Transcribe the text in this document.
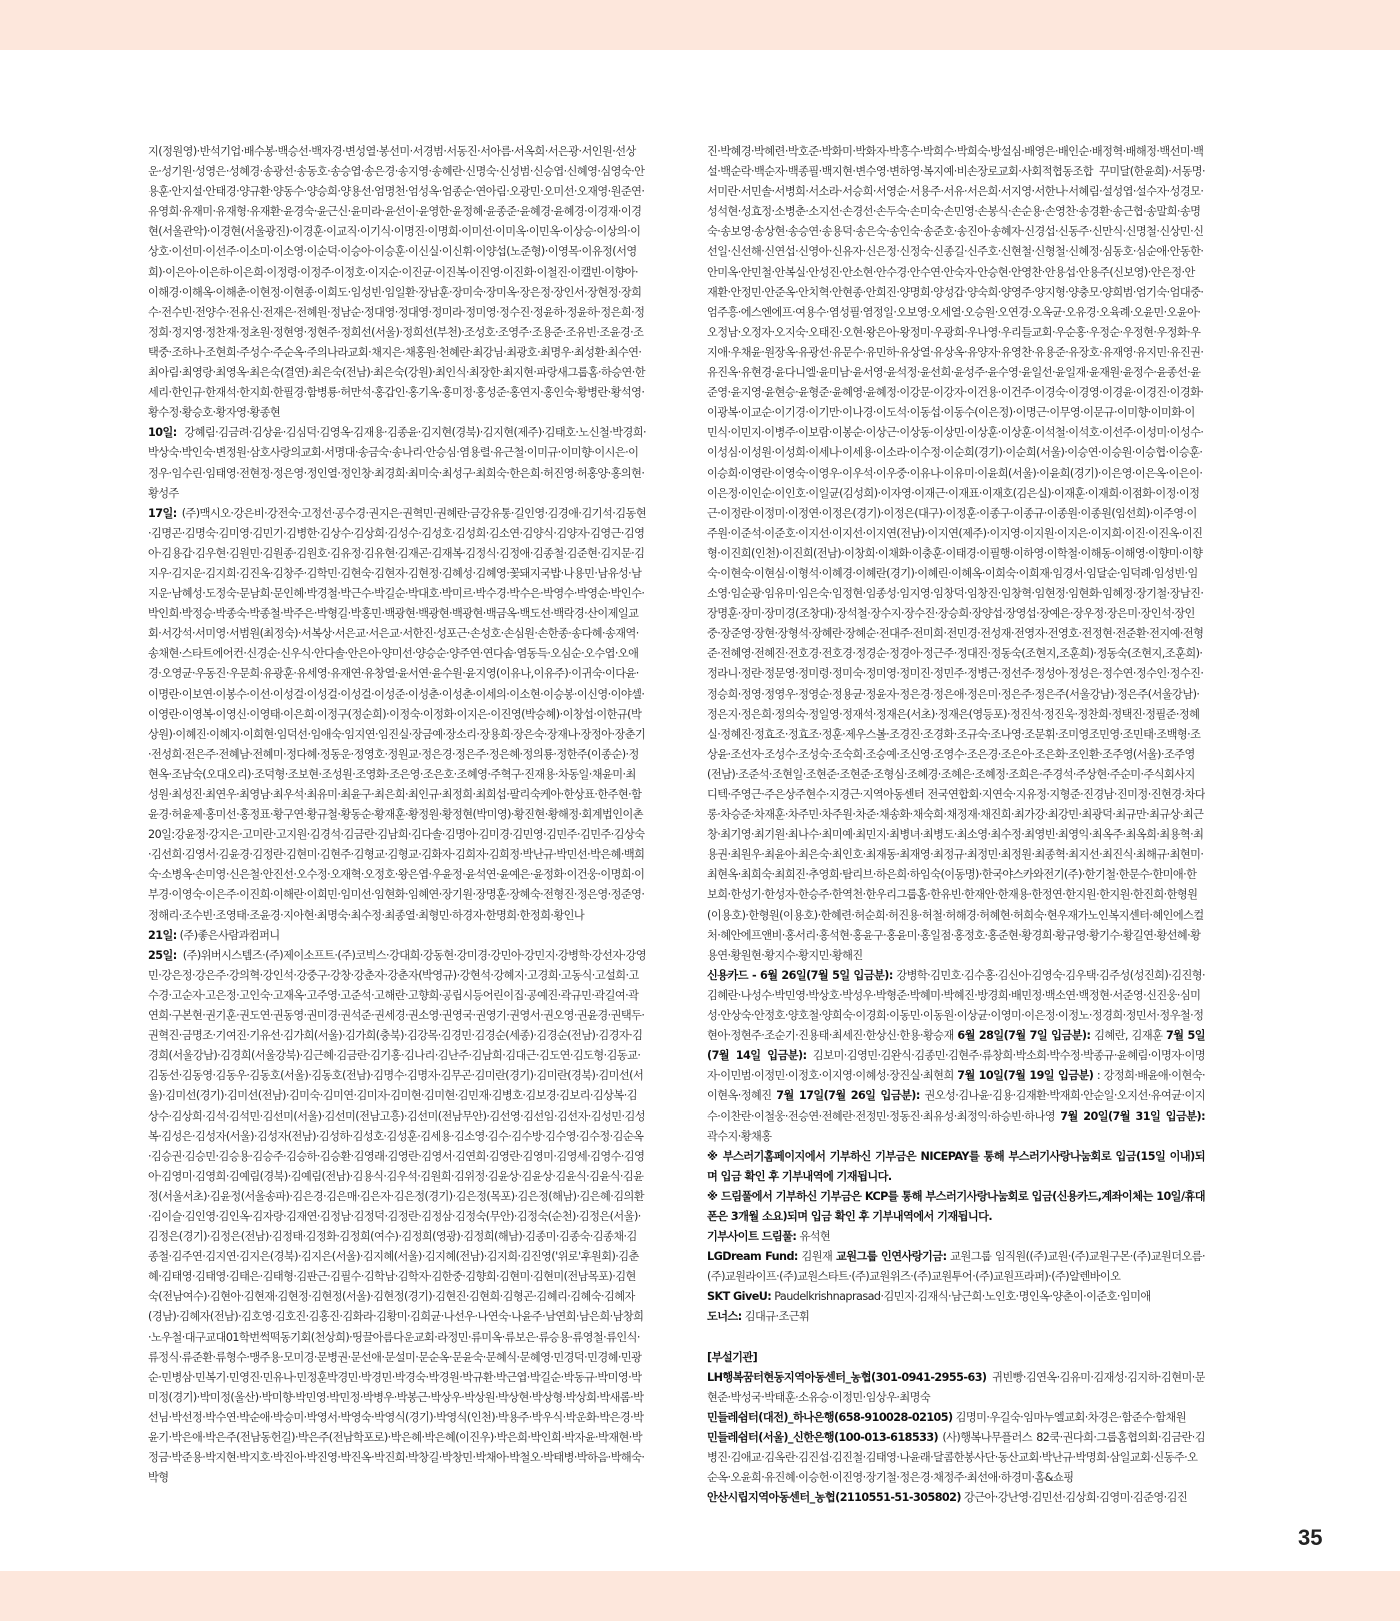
지(정원영)·반석기업·배수봉·백승선·백자경·변성열·봉선미·서경범·서동진·서아름·서옥희·서은광·서인원·선상운·성기원·성영은·성혜경·송광선·송동호·송승엽·송은경·송지영·송혜란·신명숙·신성범·신승엽·신혜영·심영숙·안용훈·안지설·안태경·양규환·양동수·양승희·양용선·엄명천·엄성옥·엄종순·연아림·오광민·오미선·오재영·원준연·유영희·유재미·유재형·유재환·윤경숙·윤근신·윤미라·윤선이·윤영한·윤정혜·윤종준·윤혜경·윤혜경·이경재·이경현(서울관악)·이경현(서울광진)·이경훈·이교직·이기식·이명진·이명희·이미선·이미옥·이민옥·이상승·이상의·이상호·이선미·이선주·이소미·이소영·이순덕·이승아·이승훈·이신실·이신휘·이양섭(노준형)·이영목·이유정(서영희)·이은아·이은하·이은희·이정령·이정주·이정호·이지순·이진균·이진복·이진영·이진화·이철진·이캘빈·이향아·이해경·이해옥·이해춘·이현정·이현종·이희도·임성빈·임일환·장남훈·장미숙·장미옥·장은정·장인서·장현정·장희수·전수빈·전양수·전유신·전재은·전혜원·정남순·정대영·정대영·정미라·정미영·정수진·정윤하·정윤하·정은희·정정희·정지영·정찬재·정초원·정현영·정현주·정희선(서울)·정희선(부천)·조성호·조영주·조용준·조유빈·조윤경·조택중·조하나·조현희·주성수·주순옥·주의나라교회·채지은·채홍원·천혜란·최강님·최광호·최명우·최성환·최수연·최아림·최영랑·최영옥·최은숙(결연)·최은숙(전남)·최은숙(강원)·최인식·최장한·최지현·파랑새그룹홈·하승연·한세리·한인규·한재석·한지희·한필경·함병룡·허만석·홍갑인·홍기옥·홍미정·홍성준·홍연지·홍인숙·황병란·황석영·황수정·황승호·황자영·황종현

10일: 강혜림·김금려·김상윤·김심덕·김영옥·김재용·김종윤·김지현(경북)·김지현(제주)·김태호·노신철·박경희·박상숙·박인숙·변정원·삼호사랑의교회·서명대·송금숙·송나리·안승심·염용렬·유근철·이미규·이미향·이시은·이정우·임수린·임태영·전현정·정은영·정인열·정인창·최경희·최미숙·최성구·최희숙·한은희·허진영·허홍양·홍의현·황성주

17일: (주)맥시오·강은비·강전숙·고정선·공수경·권지은·권혁민·권혜란·금강유통·길인영·김경애·김기석·김동현·김명곤·김명숙·김미영·김민기·김병한·김상수·김상희·김성수·김성호·김성희·김소연·김양식·김양자·김영근·김영아·김용갑·김우현·김원민·김원종·김원호·김유정·김유현·김재곤·김재복·김정식·김정애·김종철·김준현·김지문·김지우·김지운·김지희·김진옥·김창주·김학민·김현숙·김현자·김현정·김혜성·김혜영·꽃돼지국밥·나용민·남유성·남지운·남혜성·도정숙·문남희·문인혜·박경철·박근수·박길순·박대호·박미르·박수경·박수은·박영수·박영순·박인수·박인희·박정승·박종숙·박종철·박주은·박형길·박홍민·백광현·백광현·백광현·백금옥·백도선·백락경·산이제일교회·서강석·서미영·서범원(최정숙)·서복상·서은교·서은교·서한진·성포근·손성호·손심원·손한종·송다혜·송재역·송채현·스타트에어컨·신경순·신우식·안다솔·안은아·양미선·양승순·양주연·연다솜·염동득·오심순·오수엽·오애경·오영균·우동진·우문희·유광훈·유세영·유재연·유창열·윤서연·윤수원·윤지영(이유나,이유주)·이귀숙·이다윤·이명란·이보연·이봉수·이선·이성걸·이성걸·이성걸·이성준·이성춘·이성춘·이세의·이소현·이승봉·이신영·이야셀·이영란·이영복·이영신·이영태·이은희·이정구(정순희)·이정숙·이정화·이지은·이진영(박승혜)·이창섭·이한규(박상원)·이혜진·이혜지·이희현·임덕선·임애숙·임지연·임진실·장금예·장소리·장용희·장은숙·장재나·장정아·장춘기·전성희·전은주·전혜남·전혜미·정다혜·정동운·정영호·정원교·정은경·정은주·정은혜·정의룡·정한주(이종순)·정현옥·조남숙(오대오리)·조덕형·조보현·조성원·조영화·조은영·조은호·조혜영·주혁구·진재용·차동일·채윤미·최성원·최성진·최연우·최영남·최우석·최유미·최윤구·최은희·최인규·최정희·최희섭·팔리숙케아·한상표·한주현·함윤경·허윤제·홍미선·홍정표·황구연·황규철·황동순·황재훈·황정원·황정현(박미영)·황진현·황해정·회계법인이촌

20일:강윤정·강지은·고미란·고지원·김경석·김금란·김남희·김다솔·김명아·김미경·김민영·김민주·김민주·김상숙·김선희·김영서·김윤경·김정란·김현미·김현주·김형교·김형교·김화자·김희자·김희정·박난규·박민선·박은혜·백희숙·소병옥·손미영·신은철·안진선·오수정·오재혁·오정호·왕은엽·우윤정·윤석연·윤예은·윤정화·이건웅·이명희·이부경·이영숙·이은주·이진희·이해란·이희민·임미선·임현화·임혜연·장기원·장명훈·장혜숙·전형진·정은영·정준영·정해리·조수빈·조영태·조윤경·지아현·최명숙·최수정·최종열·최형민·하경자·한명희·한정희·황인나

21일: (주)좋은사람과컴퍼니

25일: (주)위버시스템즈·(주)제이소프트·(주)코빅스·강대희·강동현·강미경·강민아·강민지·강병학·강선자·강영민·강은정·강은주·강의혁·강인석·강중구·강창·강춘자·강춘자(박영규)·강현석·강혜지·고경희·고동식·고설희·고수경·고순자·고은정·고인숙·고재옥·고주영·고준석·고해란·고향희·공립시등어린이집·공예진·곽규민·곽길여·곽연희·구본현·권기훈·권도연·권동영·권미경·권석준·권세경·권소영·권영국·권영기·권영서·권오영·권윤경·권택두·권혁진·금명조·기여진·기유선·김가희(서울)·김가희(충북)·김강목·김경민·김경순(세종)·김경순(전남)·김경자·김경희(서울강남)·김경희(서울강북)·김근혜·김금란·김기홍·김나리·김난주·김남희·김대근·김도연·김도형·김동교·김동선·김동영·김동우·김동호(서울)·김동호(전남)·김명수·김명자·김무곤·김미란(경기)·김미란(경북)·김미선(서울)·김미선(경기)·김미선(전남)·김미숙·김미연·김미자·김미현·김미현·김민재·김병호·김보경·김보리·김상복·김상수·김상희·김석·김석민·김선미(서울)·김선미(전남고흥)·김선미(전남무안)·김선영·김선임·김선자·김성민·김성복·김성은·김성자(서울)·김성자(전남)·김성하·김성호·김성훈·김세용·김소영·김수·김수방·김수영·김수정·김순옥·김승권·김승민·김승용·김승주·김승하·김승환·김영래·김영란·김영서·김연희·김영란·김영미·김영세·김영수·김영아·김영미·김영희·김예림(경북)·김예림(전남)·김용식·김우석·김원희·김위정·김윤상·김윤상·김윤식·김윤식·김윤정(서울서초)·김윤정(서울송파)·김은경·김은매·김은자·김은정(경기)·김은정(목포)·김은정(해남)·김은혜·김의환·김이슬·김인영·김인옥·김자랑·김재연·김정남·김정덕·김정란·김정삼·김정숙(무안)·김정숙(순천)·김정은(서울)·김정은(경기)·김정은(전남)·김정태·김정화·김정희(여수)·김정희(영광)·김정희(해남)·김종미·김종숙·김종채·김종철·김주연·김지연·김지은(경북)·김지은(서울)·김지혜(서울)·김지혜(전남)·김지희·김진영('위로'후원회)·김춘혜·김태영·김태영·김태은·김태형·김판근·김필수·김학남·김학자·김한중·김향희·김현미·김현미(전남목포)·김현숙(전남여수)·김현아·김현재·김현정·김현정(서울)·김현정(경기)·김현진·김현희·김형곤·김혜리·김혜숙·김혜자(경남)·김혜자(전남)·김호영·김호진·김홍진·김화라·김황미·김희균·나선우·나연숙·나윤주·남연희·남은희·남창희·노우철·대구교대01학번썩떡동기회(천상희)·띵끌아름다운교회·라정민·류미옥·류보은·류승용·류영철·류인식·류정식·류준환·류형수·맹주용·모미경·문병권·문선애·문설미·문순옥·문윤숙·문혜식·문혜영·민경덕·민경혜·민광순·민병삼·민복기·민영진·민유나·민정훈박경민·박경민·박경숙·박경원·박규환·박근엽·박길순·박동규·박미영·박미정(경기)·박미정(울산)·박미향·박민영·박민정·박병우·박봉근·박상우·박상원·박상현·박상형·박상희·박새롬·박선님·박선정·박수연·박순애·박승미·박영서·박영숙·박영식(경기)·박영식(인천)·박용주·박우식·박운화·박은경·박윤기·박은애·박은주(전남동헌길)·박은주(전남학포로)·박은혜·박은혜(이진우)·박은희·박인희·박자윤·박재현·박정금·박준용·박지현·박지호·박진아·박진영·박진옥·박진희·박창길·박창민·박채아·박철오·박태병·박하음·박해숙·박형

진·박혜경·박혜련·박호준·박화미·박화자·박흥수·박희수·박희숙·방설심·배영은·배인순·배정혁·배해정·백선미·백설·백순락·백순자·백종필·백지현·변수영·변하영·복지예·비손장로교회·사회적협동조합 꾸미달(한윤희)·서동명·서미란·서민솔·서병희·서소라·서승희·서영순·서용주·서유·서은희·서지영·서한나·서혜림·설성엽·설수자·성경모·성석현·성효정·소병춘·소지선·손경선·손두숙·손미숙·손민영·손봉식·손순용·손영찬·송경환·송근협·송말희·송명숙·송보영·송상현·송승연·송용덕·송은숙·송인숙·송준호·송진아·송혜자·신경섭·신동주·신만식·신명철·신상민·신선일·신선해·신연섭·신영아·신유자·신은정·신정숙·신종길·신주호·신현철·신형철·신혜정·심동호·심순애·안동한·안미옥·안민철·안복실·안성진·안소현·안수경·안수연·안숙자·안승현·안영찬·안용섭·안용주(신보영)·안은정·안재환·안정민·안준옥·안치혁·안현종·안희진·양명희·양성갑·양숙희·양영주·양지형·양충모·양희범·엄기숙·엄대중·엄주흥·에스엔에프·여용수·염성필·염정일·오보영·오세열·오승원·오연경·오옥균·오유경·오육례·오윤민·오윤아·오정남·오정자·오지숙·오태진·오현·왕은아·왕정미·우광희·우나영·우리들교회·우순홍·우정순·우정현·우정화·우지애·우채윤·원장옥·유광선·유문수·유민하·유상열·유상옥·유양자·유영찬·유용준·유장호·유재영·유지민·유진권·유진옥·유현경·윤다니엘·윤미남·윤서영·윤석정·윤선희·윤성주·윤수영·윤일선·윤일재·윤재원·윤정수·윤종선·윤준영·윤지영·윤현승·윤형준·윤혜영·윤혜정·이강문·이강자·이건용·이건주·이경숙·이경영·이경윤·이경진·이경화·이광복·이교순·이기경·이기만·이나경·이도석·이동섭·이동수(이은정)·이명근·이무영·이문규·이미향·이미화·이민식·이민지·이병주·이보람·이봉순·이상근·이상동·이상민·이상훈·이상훈·이석철·이석호·이선주·이성미·이성수·이성심·이성원·이성희·이세나·이세용·이소라·이수정·이순희(경기)·이순희(서울)·이승연·이승원·이승협·이승훈·이승희·이영란·이영숙·이영우·이우석·이우중·이유나·이유미·이윤희(서울)·이윤희(경기)·이은영·이은옥·이은이·이은정·이인순·이인호·이일균(김성희)·이자영·이재근·이재표·이재호(김은실)·이재훈·이재희·이점화·이정·이정근·이정란·이정미·이정연·이정은(경기)·이정은(대구)·이정훈·이종구·이종규·이종원·이종원(임선희)·이주영·이주원·이준석·이준호·이지선·이지선·이지연(전남)·이지연(제주)·이지영·이지원·이지은·이지희·이진·이진옥·이진형·이진희(인천)·이진희(전남)·이창희·이채화·이충훈·이태경·이필행·이하영·이학철·이해동·이해영·이향미·이향숙·이현숙·이현심·이형석·이혜경·이혜란(경기)·이혜린·이혜옥·이희숙·이희재·임경서·임달순·임덕례·임성빈·임소영·임순광·임유미·임은숙·임정현·임종성·임지영·임창덕·임창진·임창혁·임현정·임현화·임혜정·장기철·장남진·장명훈·장미·장미경(조창대)·장석철·장수지·장수진·장승희·장양섭·장영섭·장예은·장우정·장은미·장인석·장인중·장준영·장현·장형석·장혜란·장혜순·전대주·전미희·전민경·전성재·전영자·전영호·전정현·전준환·전지예·전형준·전혜영·전혜진·전호경·전호경·정경순·정경아·정근주·정대진·정동숙(조현지,조훈희)·정동숙(조현지,조훈희)·정라니·정란·정문영·정미령·정미숙·정미영·정미진·정민주·정병근·정선주·정성아·정성은·정수연·정수인·정수진·정승희·정영·정영우·정영순·정용균·정윤자·정은경·정은애·정은미·정은주·정은주(서울강남)·정은주(서울강남)·정은지·정은희·정의숙·정일영·정재석·정재은(서초)·정재은(영등포)·정진석·정진욱·정찬희·정택진·정필준·정혜실·정혜진·정효조·정효조·정훈·제우스볼·조경진·조경화·조규숙·조나영·조문휘·조미영조민영·조민태·조백형·조상윤·조선자·조성수·조성숙·조숙희·조승예·조신영·조영수·조은경·조은아·조은화·조인환·조주영(서울)·조주영(전남)·조준석·조현일·조현준·조현준·조형심·조혜경·조혜은·조혜정·조희은·주경석·주상현·주순미·주식회사지디텍·주영근·주은상주현수·지경근·지역아동센터 전국연합회·지연숙·지유정·지형준·진경남·진미정·진현경·차다롱·차승준·차재훈·차주민·차주원·차준·채송화·채숙희·채정재·채진희·최가강·최강민·최광덕·최규만·최규상·최근창·최기영·최기원·최나수·최미예·최민지·최병녀·최병도·최소영·최수정·최영빈·최영익·최옥주·최옥희·최용혁·최용권·최원우·최윤아·최은숙·최인호·최재동·최재영·최정규·최정민·최정원·최종혁·최지선·최진식·최해규·최현미·최현옥·최희숙·최희진·추영희·탐리브·하은희·하임숙(이동명)·한국야스카와전기(주)·한기철·한문수·한미애·한보희·한성기·한성자·한승주·한역천·한우리그룹홈·한유빈·한재안·한재용·한정연·한지원·한지원·한진희·한형원(이용호)·한형원(이용호)·한혜련·허순희·허진용·허철·허해경·허혜현·허희숙·현우재가노인복지센터·혜인에스컬처·혜안에프앤비·홍서리·홍석현·홍윤구·홍윤미·홍일점·홍정호·홍준현·황경희·황규영·황기수·황길연·황선혜·황용연·황원현·황지수·황지민·황해진

신용카드 - 6월 26일(7월 5일 입금분): 강병학·김민호·김수홍·김신아·김영숙·김우택·김주성(성진희)·김진형·김혜란·나성수·박민영·박상호·박성우·박형준·박혜미·박혜진·방경희·배민정·백소연·백정현·서준영·신진웅·심미성·안상숙·안정호·양호철·양희숙·이경희·이동민·이동원·이상균·이영미·이은정·이정노·정경희·정민서·정우철·정현아·정현주·조순기·진용태·최세진·한상신·한용·황승재 6월 28일(7월 7일 입금분): 김혜란, 김재훈 7월 5일(7월 14일 입금분): 김보미·김영민·김완식·김종민·김현주·류창희·박소희·박수정·박종규·윤혜림·이명자·이명자·이민범·이정민·이정호·이지영·이혜성·장진실·최현희 7월 10일(7월 19일 입금분) : 강정희·배윤애·이현숙·이현옥·정혜진 7월 17일(7월 26일 입금분): 권오성·김나윤·김용·김재환·박재희·안순일·오지선·유여균·이지수·이찬란·이철웅·전승연·전혜란·전정민·정동진·최유성·최정익·하승빈·하나영 7월 20일(7월 31일 입금분): 곽수지·황채홍

※ 부스러기홈페이지에서 기부하신 기부금은 NICEPAY를 통해 부스러기사랑나눔회로 입금(15일 이내)되며 입금 확인 후 기부내역에 기재됩니다.

※ 드림풀에서 기부하신 기부금은 KCP를 통해 부스러기사랑나눔회로 입금(신용카드,계좌이체는 10일/휴대폰은 3개월 소요)되며 입금 확인 후 기부내역에서 기재됩니다.

기부사이트 드림풀: 유석현

LGDream Fund: 김원재 교원그룹 인연사랑기금: 교원그룹 임직원((주)교원·(주)교원구몬·(주)교원더오름·(주)교원라이프·(주)교원스타트·(주)교원위즈·(주)교원투어·(주)교원프라퍼)·(주)알렌바이오

SKT GiveU: Paudelkrishnaprasad·김민지·김재식·남근희·노인호·명인옥·양춘이·이준호·임미애

도너스: 김대규·조근휘

[부설기관]

LH행복꿈터현동지역아동센터_농협(301-0941-2955-63) 귀빈빵·김연옥·김유미·김재성·김지하·김현미·문현준·박성국·박태훈·소유승·이정민·임상우·최명숙

민들레쉼터(대전)_하나은행(658-910028-02105) 김명미·우길숙·임마누엘교회·차경은·함준수·함채원

민들레쉼터(서울)_신한은행(100-013-618533) (사)행복나무플러스 82쿡·권다희·그룹홈협의회·김금란·김병진·김애교·김옥란·김진섭·김진철·김태영·나윤래·달콤한봉사단·동산교회·박난규·박명희·삼일교회·신동주·오순옥·오윤희·유진혜·이승헌·이진영·장기철·정은경·채정주·최선애·하경미·홈&쇼핑

안산시립지역아동센터_농협(2110551-51-305802) 강근아·강난영·김민선·김상희·김영미·김준영·김진

35
